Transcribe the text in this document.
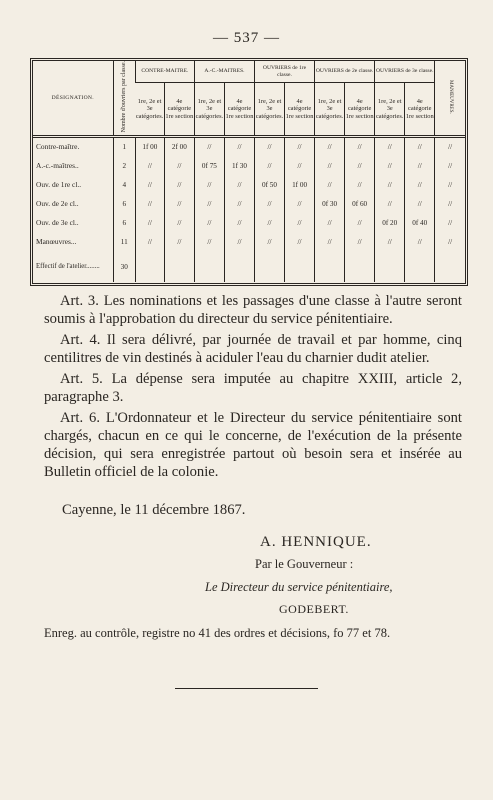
— 537 —
DÉSIGNATION.	Nombre d'ouvriers par classe.	CONTRE-MAITRE.		A.-C.-MAITRES.		OUVRIERS de 1re classe.		OUVRIERS de 2e classe.		OUVRIERS de 3e classe.		MANŒUVRES.
		1re, 2e et 3e catégories.	4e catégorie 1re section	1re, 2e et 3e catégories.	4e catégorie 1re section	1re, 2e et 3e catégories.	4e catégorie 1re section	1re, 2e et 3e catégories.	4e catégorie 1re section	1re, 2e et 3e catégories.	4e catégorie 1re section	
Contre-maître.	1	1f 00	2f 00	//	//	//	//	//	//	//	//	//
A.-c.-maîtres..	2	//	//	0f 75	1f 30	//	//	//	//	//	//	//
Ouv. de 1re cl..	4	//	//	//	//	0f 50	1f 00	//	//	//	//	//
Ouv. de 2e cl..	6	//	//	//	//	//	//	0f 30	0f 60	//	//	//
Ouv. de 3e cl..	6	//	//	//	//	//	//	//	//	0f 20	0f 40	//
Manœuvres...	11	//	//	//	//	//	//	//	//	//	//	//
Effectif de l'atelier........	30											

Art. 3. Les nominations et les passages d'une classe à l'autre seront soumis à l'approbation du directeur du service pénitentiaire.

Art. 4. Il sera délivré, par journée de travail et par homme, cinq centilitres de vin destinés à aciduler l'eau du charnier dudit atelier.

Art. 5. La dépense sera imputée au chapitre XXIII, article 2, paragraphe 3.

Art. 6. L'Ordonnateur et le Directeur du service pénitentiaire sont chargés, chacun en ce qui le concerne, de l'exécution de la présente décision, qui sera enregistrée partout où besoin sera et insérée au Bulletin officiel de la colonie.

Cayenne, le 11 décembre 1867.
A. HENNIQUE.
Par le Gouverneur :
Le Directeur du service pénitentiaire,
GODEBERT.
Enreg. au contrôle, registre no 41 des ordres et décisions, fo 77 et 78.
